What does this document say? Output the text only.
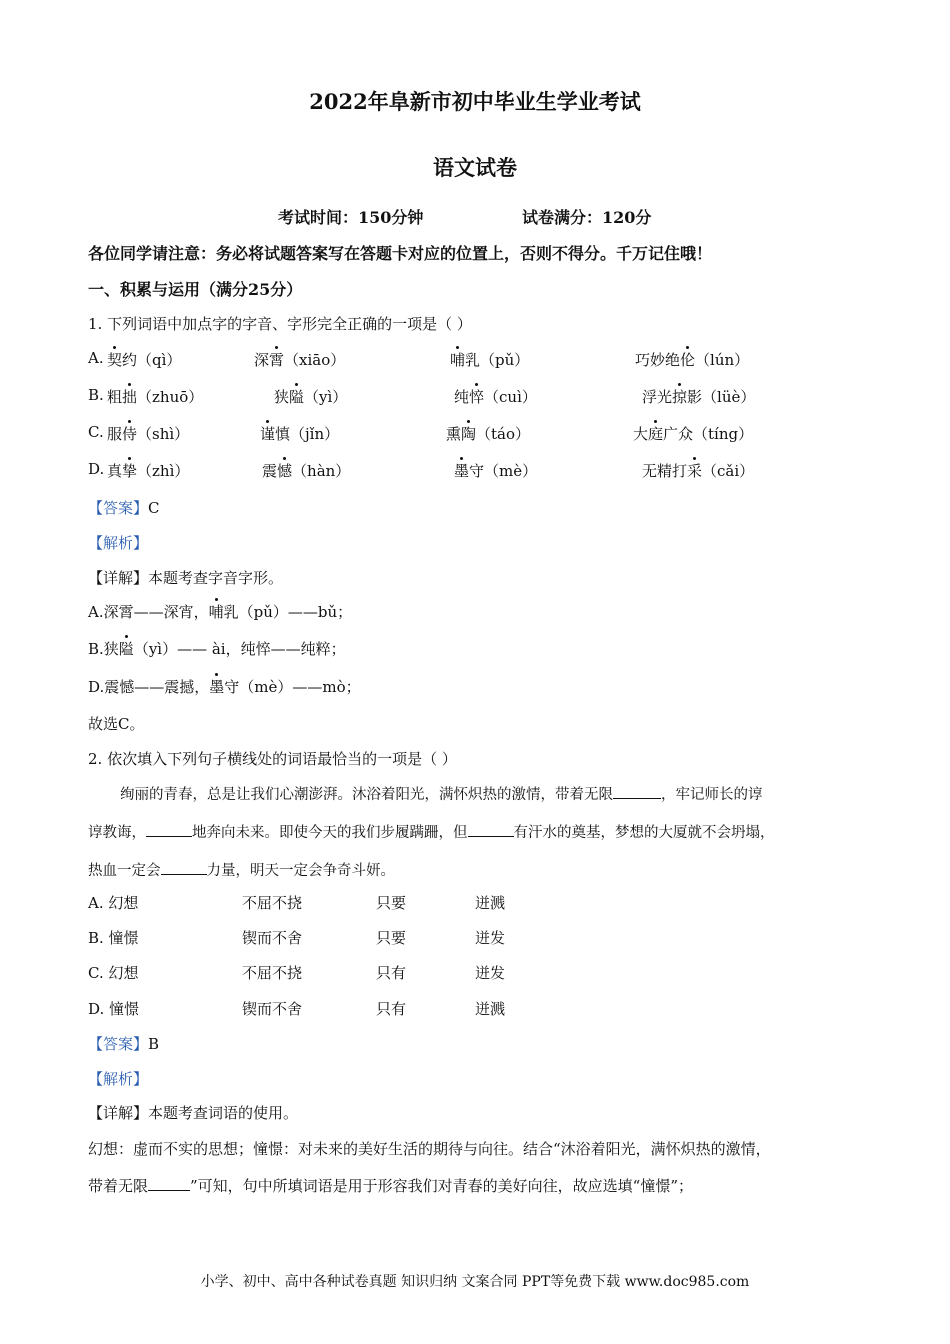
2022年阜新市初中毕业生学业考试
语文试卷
考试时间：150分钟	试卷满分：120分
各位同学请注意：务必将试题答案写在答题卡对应的位置上，否则不得分。千万记住哦！
一、积累与运用（满分25分）
1. 下列词语中加点字的字音、字形完全正确的一项是（ ）
A. 契约（qì）	深霄（xiāo）	哺乳（pǔ）	巧妙绝伦（lún）
B. 粗拙（zhuō）	狭隘（yì）	纯悴（cuì）	浮光掠影（lüè）
C. 服侍（shì）	谨慎（jǐn）	熏陶（táo）	大庭广众（tíng）
D. 真挚（zhì）	震憾（hàn）	墨守（mè）	无精打采（cǎi）
【答案】C
【解析】
【详解】本题考查字音字形。
A.深霄——深宵，哺乳（pǔ）——bǔ；
B.狭隘（yì）—— ài，纯悴——纯粹；
D.震憾——震撼，墨守（mè）——mò；
故选C。
2. 依次填入下列句子横线处的词语最恰当的一项是（ ）
绚丽的青春，总是让我们心潮澎湃。沐浴着阳光，满怀炽热的激情，带着无限	，牢记师长的谆
谆教诲，	地奔向未来。即使今天的我们步履蹒跚，但	有汗水的奠基，梦想的大厦就不会坍塌，
热血一定会	力量，明天一定会争奇斗妍。
A. 幻想	不屈不挠	只要	迸溅
B. 憧憬	锲而不舍	只要	迸发
C. 幻想	不屈不挠	只有	迸发
D. 憧憬	锲而不舍	只有	迸溅
【答案】B
【解析】
【详解】本题考查词语的使用。
幻想：虚而不实的思想；憧憬：对未来的美好生活的期待与向往。结合“沐浴着阳光，满怀炽热的激情，
带着无限	”可知，句中所填词语是用于形容我们对青春的美好向往，故应选填“憧憬”；
小学、初中、高中各种试卷真题 知识归纳 文案合同 PPT等免费下载 www.doc985.com
